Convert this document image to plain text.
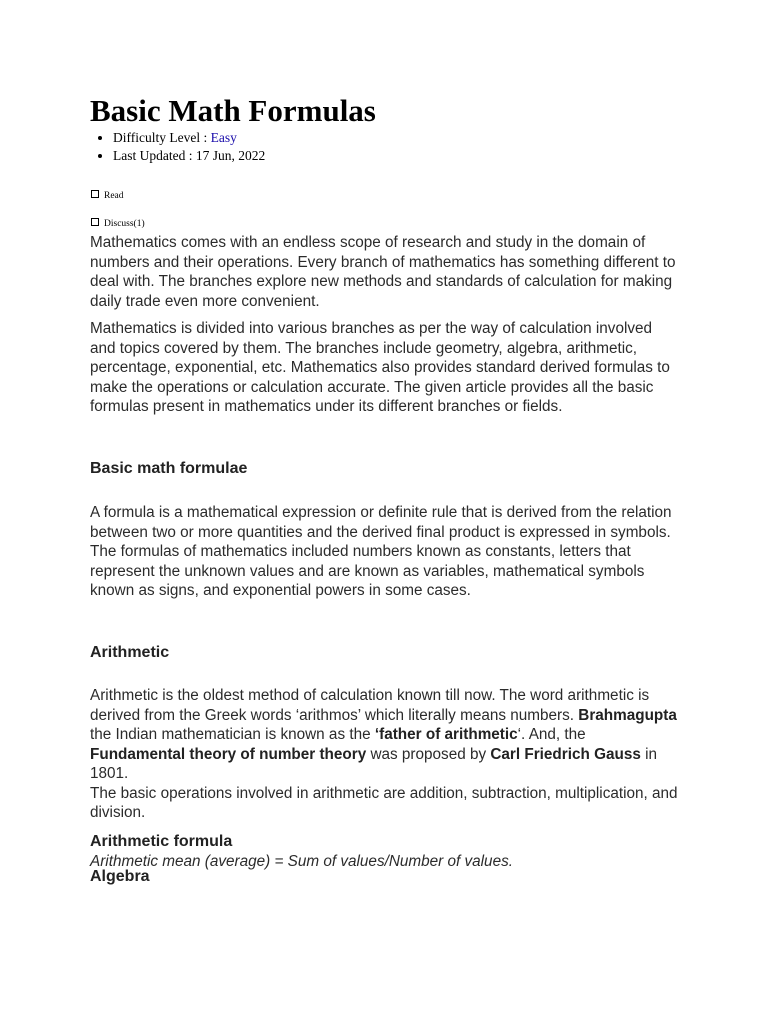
Basic Math Formulas
Difficulty Level : Easy
Last Updated : 17 Jun, 2022
Read
Discuss(1)

Mathematics comes with an endless scope of research and study in the domain of numbers and their operations. Every branch of mathematics has something different to deal with. The branches explore new methods and standards of calculation for making daily trade even more convenient.

Mathematics is divided into various branches as per the way of calculation involved and topics covered by them. The branches include geometry, algebra, arithmetic, percentage, exponential, etc. Mathematics also provides standard derived formulas to make the operations or calculation accurate. The given article provides all the basic formulas present in mathematics under its different branches or fields.

Basic math formulae

A formula is a mathematical expression or definite rule that is derived from the relation between two or more quantities and the derived final product is expressed in symbols. The formulas of mathematics included numbers known as constants, letters that represent the unknown values and are known as variables, mathematical symbols known as signs, and exponential powers in some cases.

Arithmetic

Arithmetic is the oldest method of calculation known till now. The word arithmetic is derived from the Greek words ‘arithmos’ which literally means numbers. Brahmagupta the Indian mathematician is known as the ‘father of arithmetic‘. And, the Fundamental theory of number theory was proposed by Carl Friedrich Gauss in 1801.
The basic operations involved in arithmetic are addition, subtraction, multiplication, and division.

Arithmetic formula

Arithmetic mean (average) = Sum of values/Number of values.

Algebra
